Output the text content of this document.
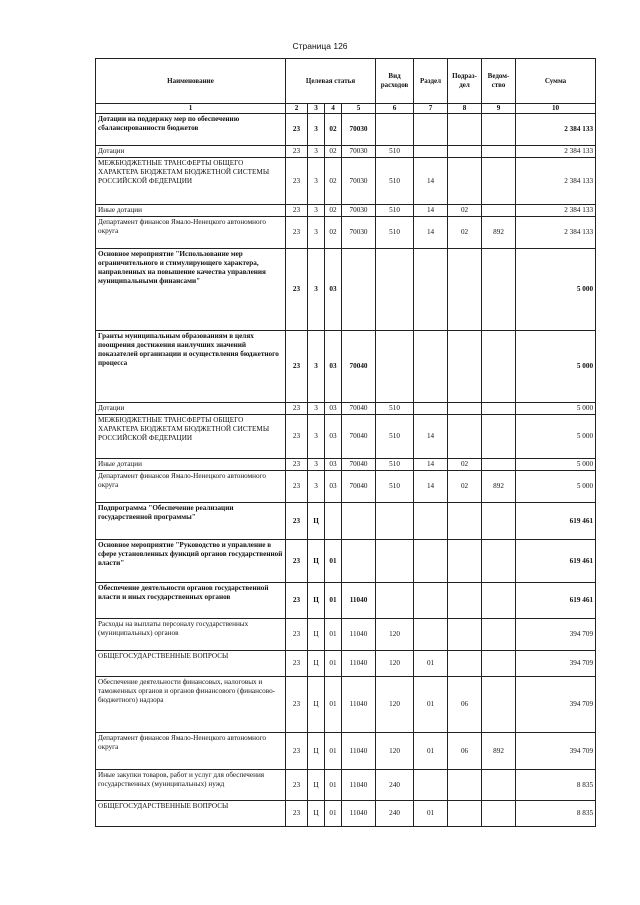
Страница 126
Наименование	Целевая статья				Вид расходов	Раздел	Подраз-дел	Ведом-ство	Сумма
1	2	3	4	5	6	7	8	9	10
Дотации на поддержку мер по обеспечению сбалансированности бюджетов	23	3	02	70030					2 384 133
Дотации	23	3	02	70030	510				2 384 133
МЕЖБЮДЖЕТНЫЕ ТРАНСФЕРТЫ ОБЩЕГО ХАРАКТЕРА БЮДЖЕТАМ БЮДЖЕТНОЙ СИСТЕМЫ РОССИЙСКОЙ ФЕДЕРАЦИИ	23	3	02	70030	510	14			2 384 133
Иные дотации	23	3	02	70030	510	14	02		2 384 133
Департамент финансов Ямало-Ненецкого автономного округа	23	3	02	70030	510	14	02	892	2 384 133
Основное мероприятие "Использование мер ограничительного и стимулирующего характера, направленных на повышение качества управления муниципальными финансами"	23	3	03						5 000
Гранты муниципальным образованиям в целях поощрения достижения наилучших значений показателей организации и осуществления бюджетного процесса	23	3	03	70040					5 000
Дотации	23	3	03	70040	510				5 000
МЕЖБЮДЖЕТНЫЕ ТРАНСФЕРТЫ ОБЩЕГО ХАРАКТЕРА БЮДЖЕТАМ БЮДЖЕТНОЙ СИСТЕМЫ РОССИЙСКОЙ ФЕДЕРАЦИИ	23	3	03	70040	510	14			5 000
Иные дотации	23	3	03	70040	510	14	02		5 000
Департамент финансов Ямало-Ненецкого автономного округа	23	3	03	70040	510	14	02	892	5 000
Подпрограмма "Обеспечение реализации государственной программы"	23	Ц							619 461
Основное мероприятие "Руководство и управление в сфере установленных функций органов государственной власти"	23	Ц	01						619 461
Обеспечение деятельности органов государственной власти и иных государственных органов	23	Ц	01	11040					619 461
Расходы на выплаты персоналу государственных (муниципальных) органов	23	Ц	01	11040	120				394 709
ОБЩЕГОСУДАРСТВЕННЫЕ ВОПРОСЫ	23	Ц	01	11040	120	01			394 709
Обеспечение деятельности финансовых, налоговых и таможенных органов и органов финансового (финансово-бюджетного) надзора	23	Ц	01	11040	120	01	06		394 709
Департамент финансов Ямало-Ненецкого автономного округа	23	Ц	01	11040	120	01	06	892	394 709
Иные закупки товаров, работ и услуг для обеспечения государственных (муниципальных) нужд	23	Ц	01	11040	240				8 835
ОБЩЕГОСУДАРСТВЕННЫЕ ВОПРОСЫ	23	Ц	01	11040	240	01			8 835
